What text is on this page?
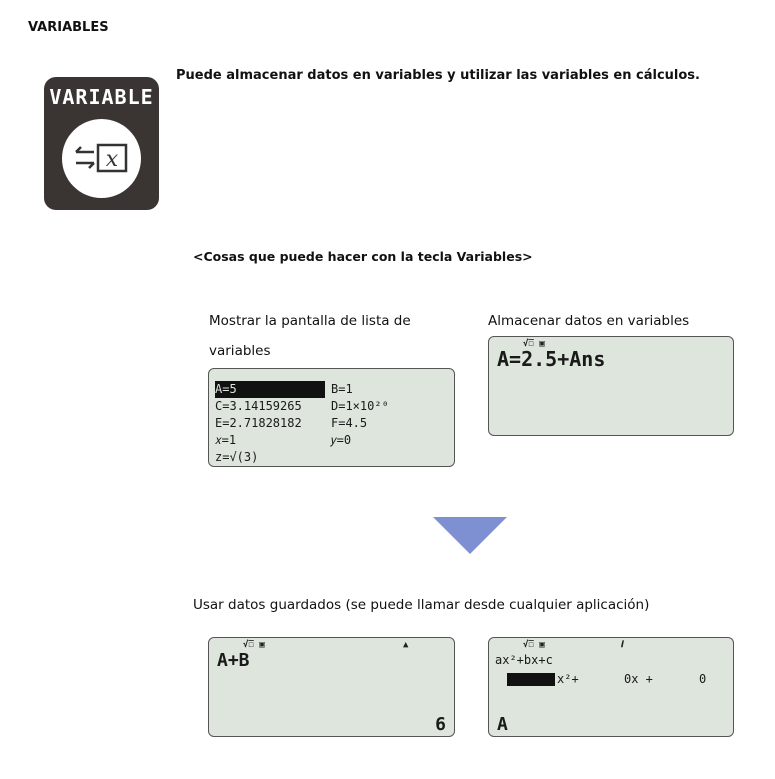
VARIABLES
VARIABLE
x
Puede almacenar datos en variables y utilizar las variables en cálculos.
<Cosas que puede hacer con la tecla Variables>
Mostrar la pantalla de lista de
variables
A=5	B=1
C=3.14159265 D=1×10²⁰
E=2.71828182 F=4.5
𝑥=1	𝑦=0
z=√(3)
Almacenar datos en variables
√̅☐ ▣
A=2.5+Ans
Usar datos guardados (se puede llamar desde cualquier aplicación)
√̅☐ ▣	▲
A+B
6
√̅☐ ▣	𝒊
ax²+bx+c
x²+	0x +	0
A
